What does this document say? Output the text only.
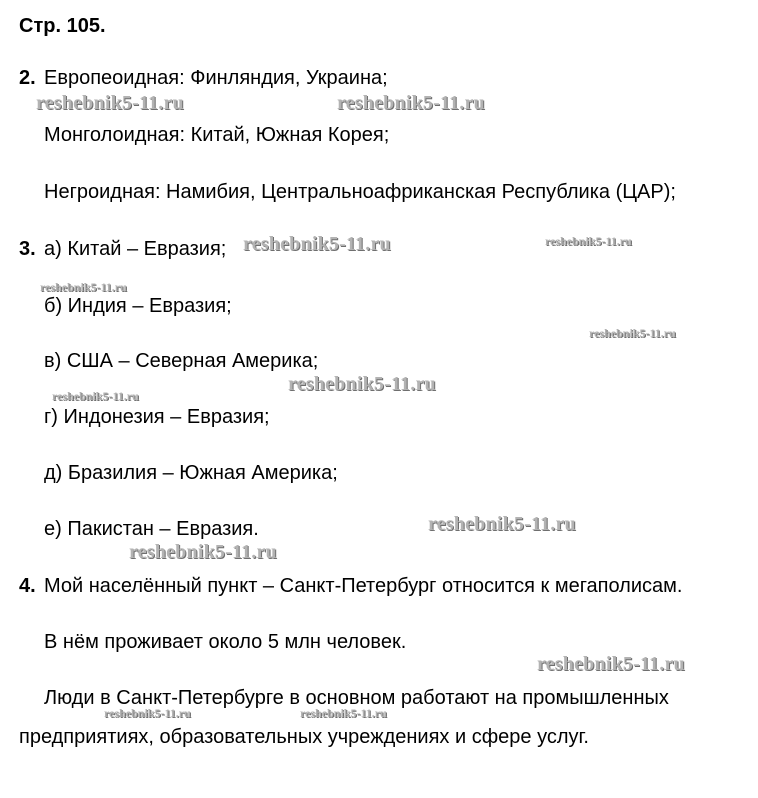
Стр. 105.
2. Европеоидная: Финляндия, Украина;
Монголоидная: Китай, Южная Корея;
Негроидная: Намибия, Центральноафриканская Республика (ЦАР);
3. а) Китай – Евразия;
б) Индия – Евразия;
в) США – Северная Америка;
г) Индонезия – Евразия;
д) Бразилия – Южная Америка;
е) Пакистан – Евразия.
4. Мой населённый пункт – Санкт-Петербург относится к мегаполисам.
В нём проживает около 5 млн человек.
Люди в Санкт-Петербурге в основном работают на промышленных
предприятиях, образовательных учреждениях и сфере услуг.
reshebnik5-11.ru	reshebnik5-11.ru
reshebnik5-11.ru	reshebnik5-11.ru
reshebnik5-11.ru
reshebnik5-11.ru
reshebnik5-11.ru
reshebnik5-11.ru
reshebnik5-11.ru
reshebnik5-11.ru
reshebnik5-11.ru
reshebnik5-11.ru	reshebnik5-11.ru
